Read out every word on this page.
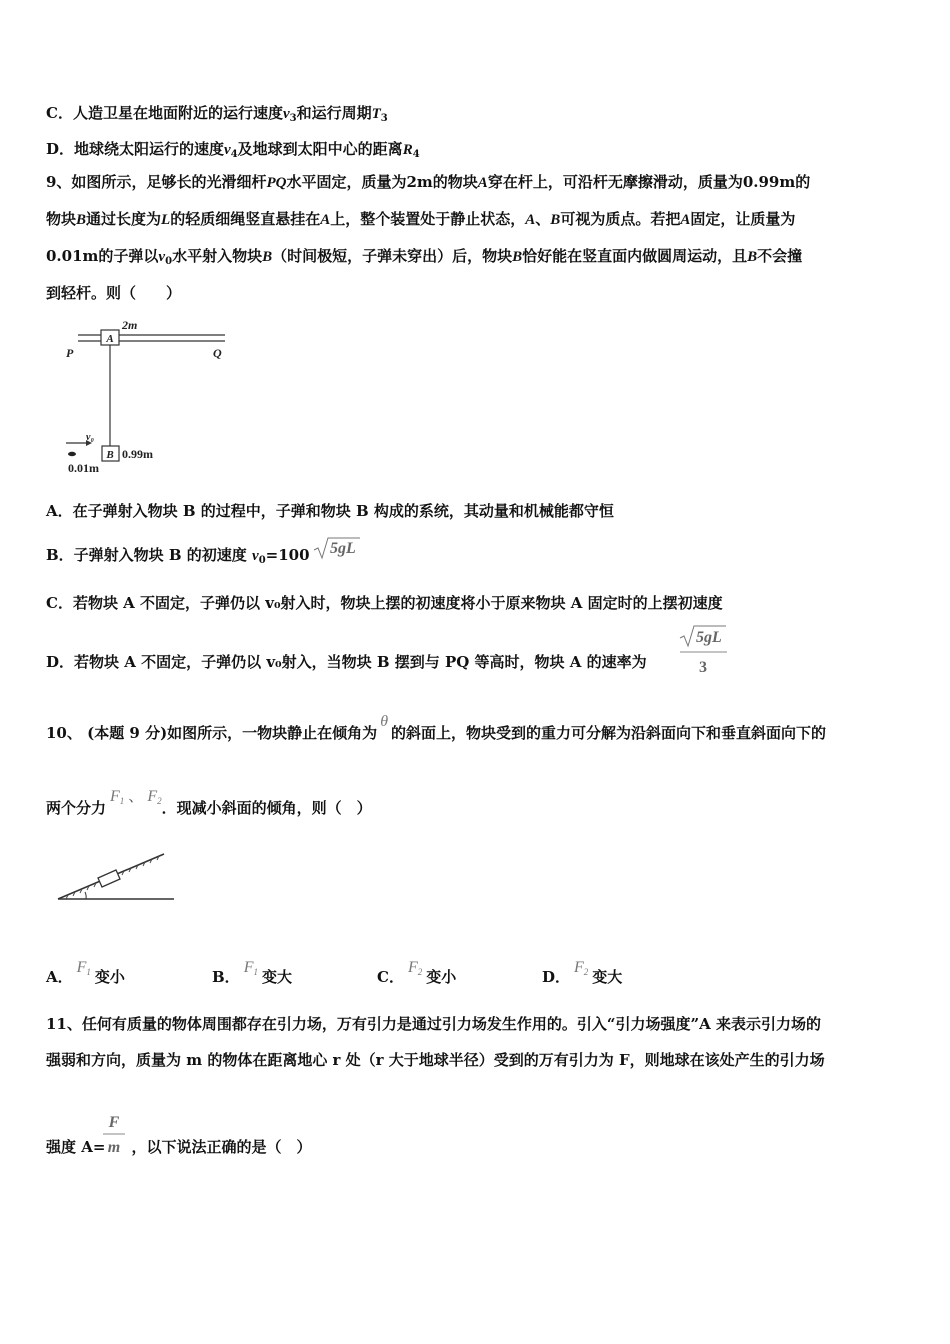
C．人造卫星在地面附近的运行速度$v_3$和运行周期$T_3$
D．地球绕太阳运行的速度$v_4$及地球到太阳中心的距离$R_4$
9、如图所示，足够长的光滑细杆PQ水平固定，质量为2m的物块A穿在杆上，可沿杆无摩擦滑动，质量为0.99m的
物块B通过长度为L的轻质细绳竖直悬挂在A上，整个装置处于静止状态，A、B可视为质点。若把A固定，让质量为
0.01m的子弹以$v_0$水平射入物块B（时间极短，子弹未穿出）后，物块B恰好能在竖直面内做圆周运动，且B不会撞
到轻杆。则（　　）
A
2m
P	Q
B 0.99m
v₀
0.01m
A．在子弹射入物块 B 的过程中，子弹和物块 B 构成的系统，其动量和机械能都守恒
B．子弹射入物块 B 的初速度 $v_0=100$ 5gL
C．若物块 A 不固定，子弹仍以 v₀射入时，物块上摆的初速度将小于原来物块 A 固定时的上摆初速度
D．若物块 A 不固定，子弹仍以 v₀射入，当物块 B 摆到与 PQ 等高时，物块 A 的速率为
5gL
3
10、 (本题 9 分)如图所示，一物块静止在倾角为θ的斜面上，物块受到的重力可分解为沿斜面向下和垂直斜面向下的
两个分力$F_1$ 、 $F_2$．现减小斜面的倾角，则（　）
A．$F_1$ 变小	B．$F_1$ 变大	C．$F_2$ 变小	D．$F_2$ 变大
11、任何有质量的物体周围都存在引力场，万有引力是通过引力场发生作用的。引入“引力场强度”A 来表示引力场的
强弱和方向，质量为 m 的物体在距离地心 r 处（r 大于地球半径）受到的万有引力为 F，则地球在该处产生的引力场
强度 A= ，以下说法正确的是（　）
F
m
